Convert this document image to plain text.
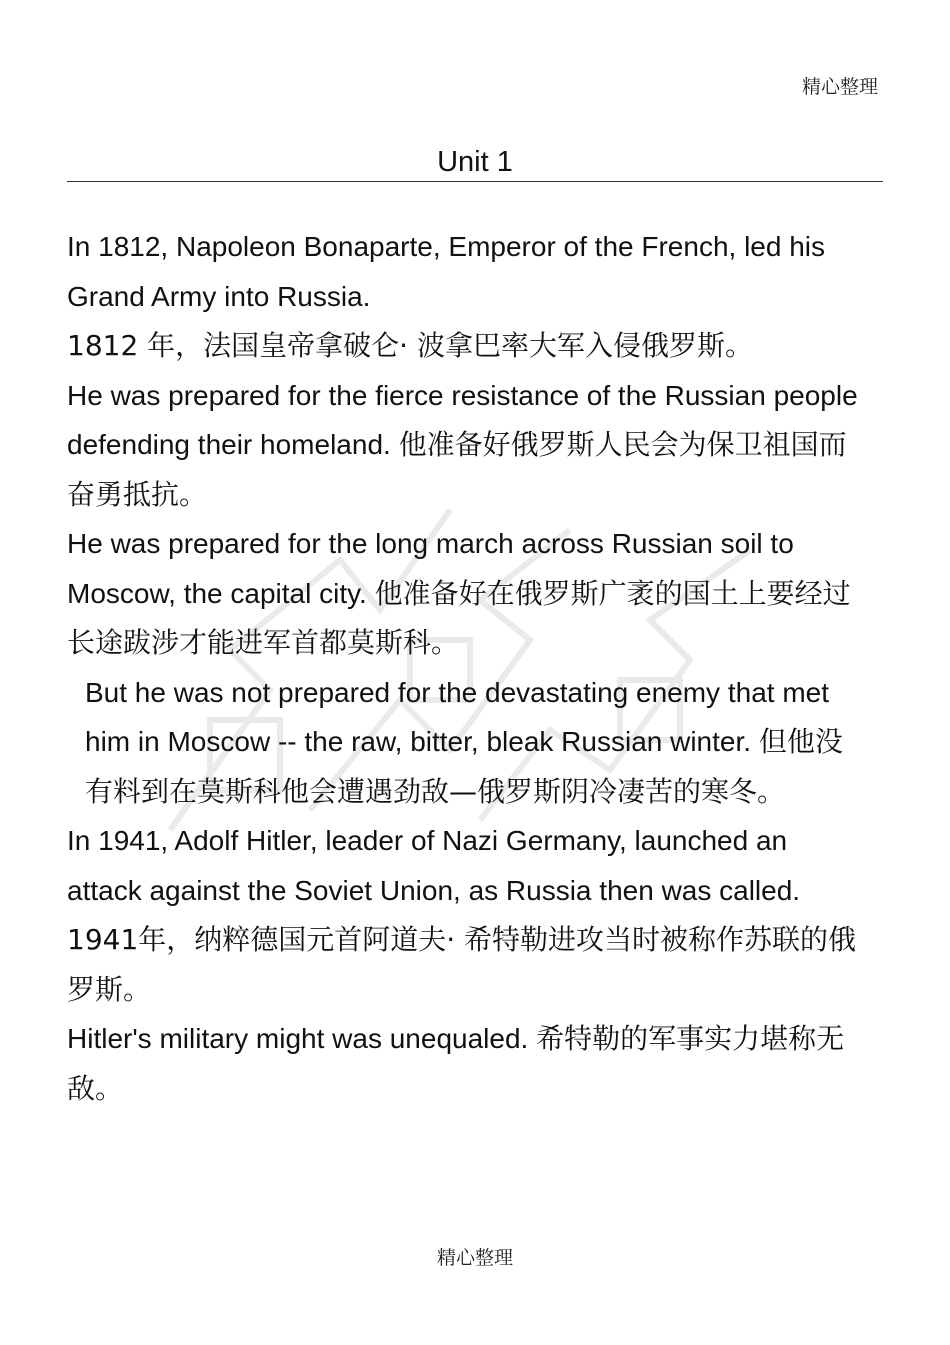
精心整理
Unit 1

In 1812, Napoleon Bonaparte, Emperor of the French, led his Grand Army into Russia.
1812 年，法国皇帝拿破仑· 波拿巴率大军入侵俄罗斯。

He was prepared for the fierce resistance of the Russian people defending their homeland. 他准备好俄罗斯人民会为保卫祖国而奋勇抵抗。

He was prepared for the long march across Russian soil to Moscow, the capital city. 他准备好在俄罗斯广袤的国土上要经过长途跋涉才能进军首都莫斯科。

But he was not prepared for the devastating enemy that met him in Moscow -- the raw, bitter, bleak Russian winter. 但他没有料到在莫斯科他会遭遇劲敌—俄罗斯阴冷凄苦的寒冬。

In 1941, Adolf Hitler, leader of Nazi Germany, launched an attack against the Soviet Union, as Russia then was called. 1941年，纳粹德国元首阿道夫· 希特勒进攻当时被称作苏联的俄罗斯。

Hitler's military might was unequaled. 希特勒的军事实力堪称无敌。

精心整理
